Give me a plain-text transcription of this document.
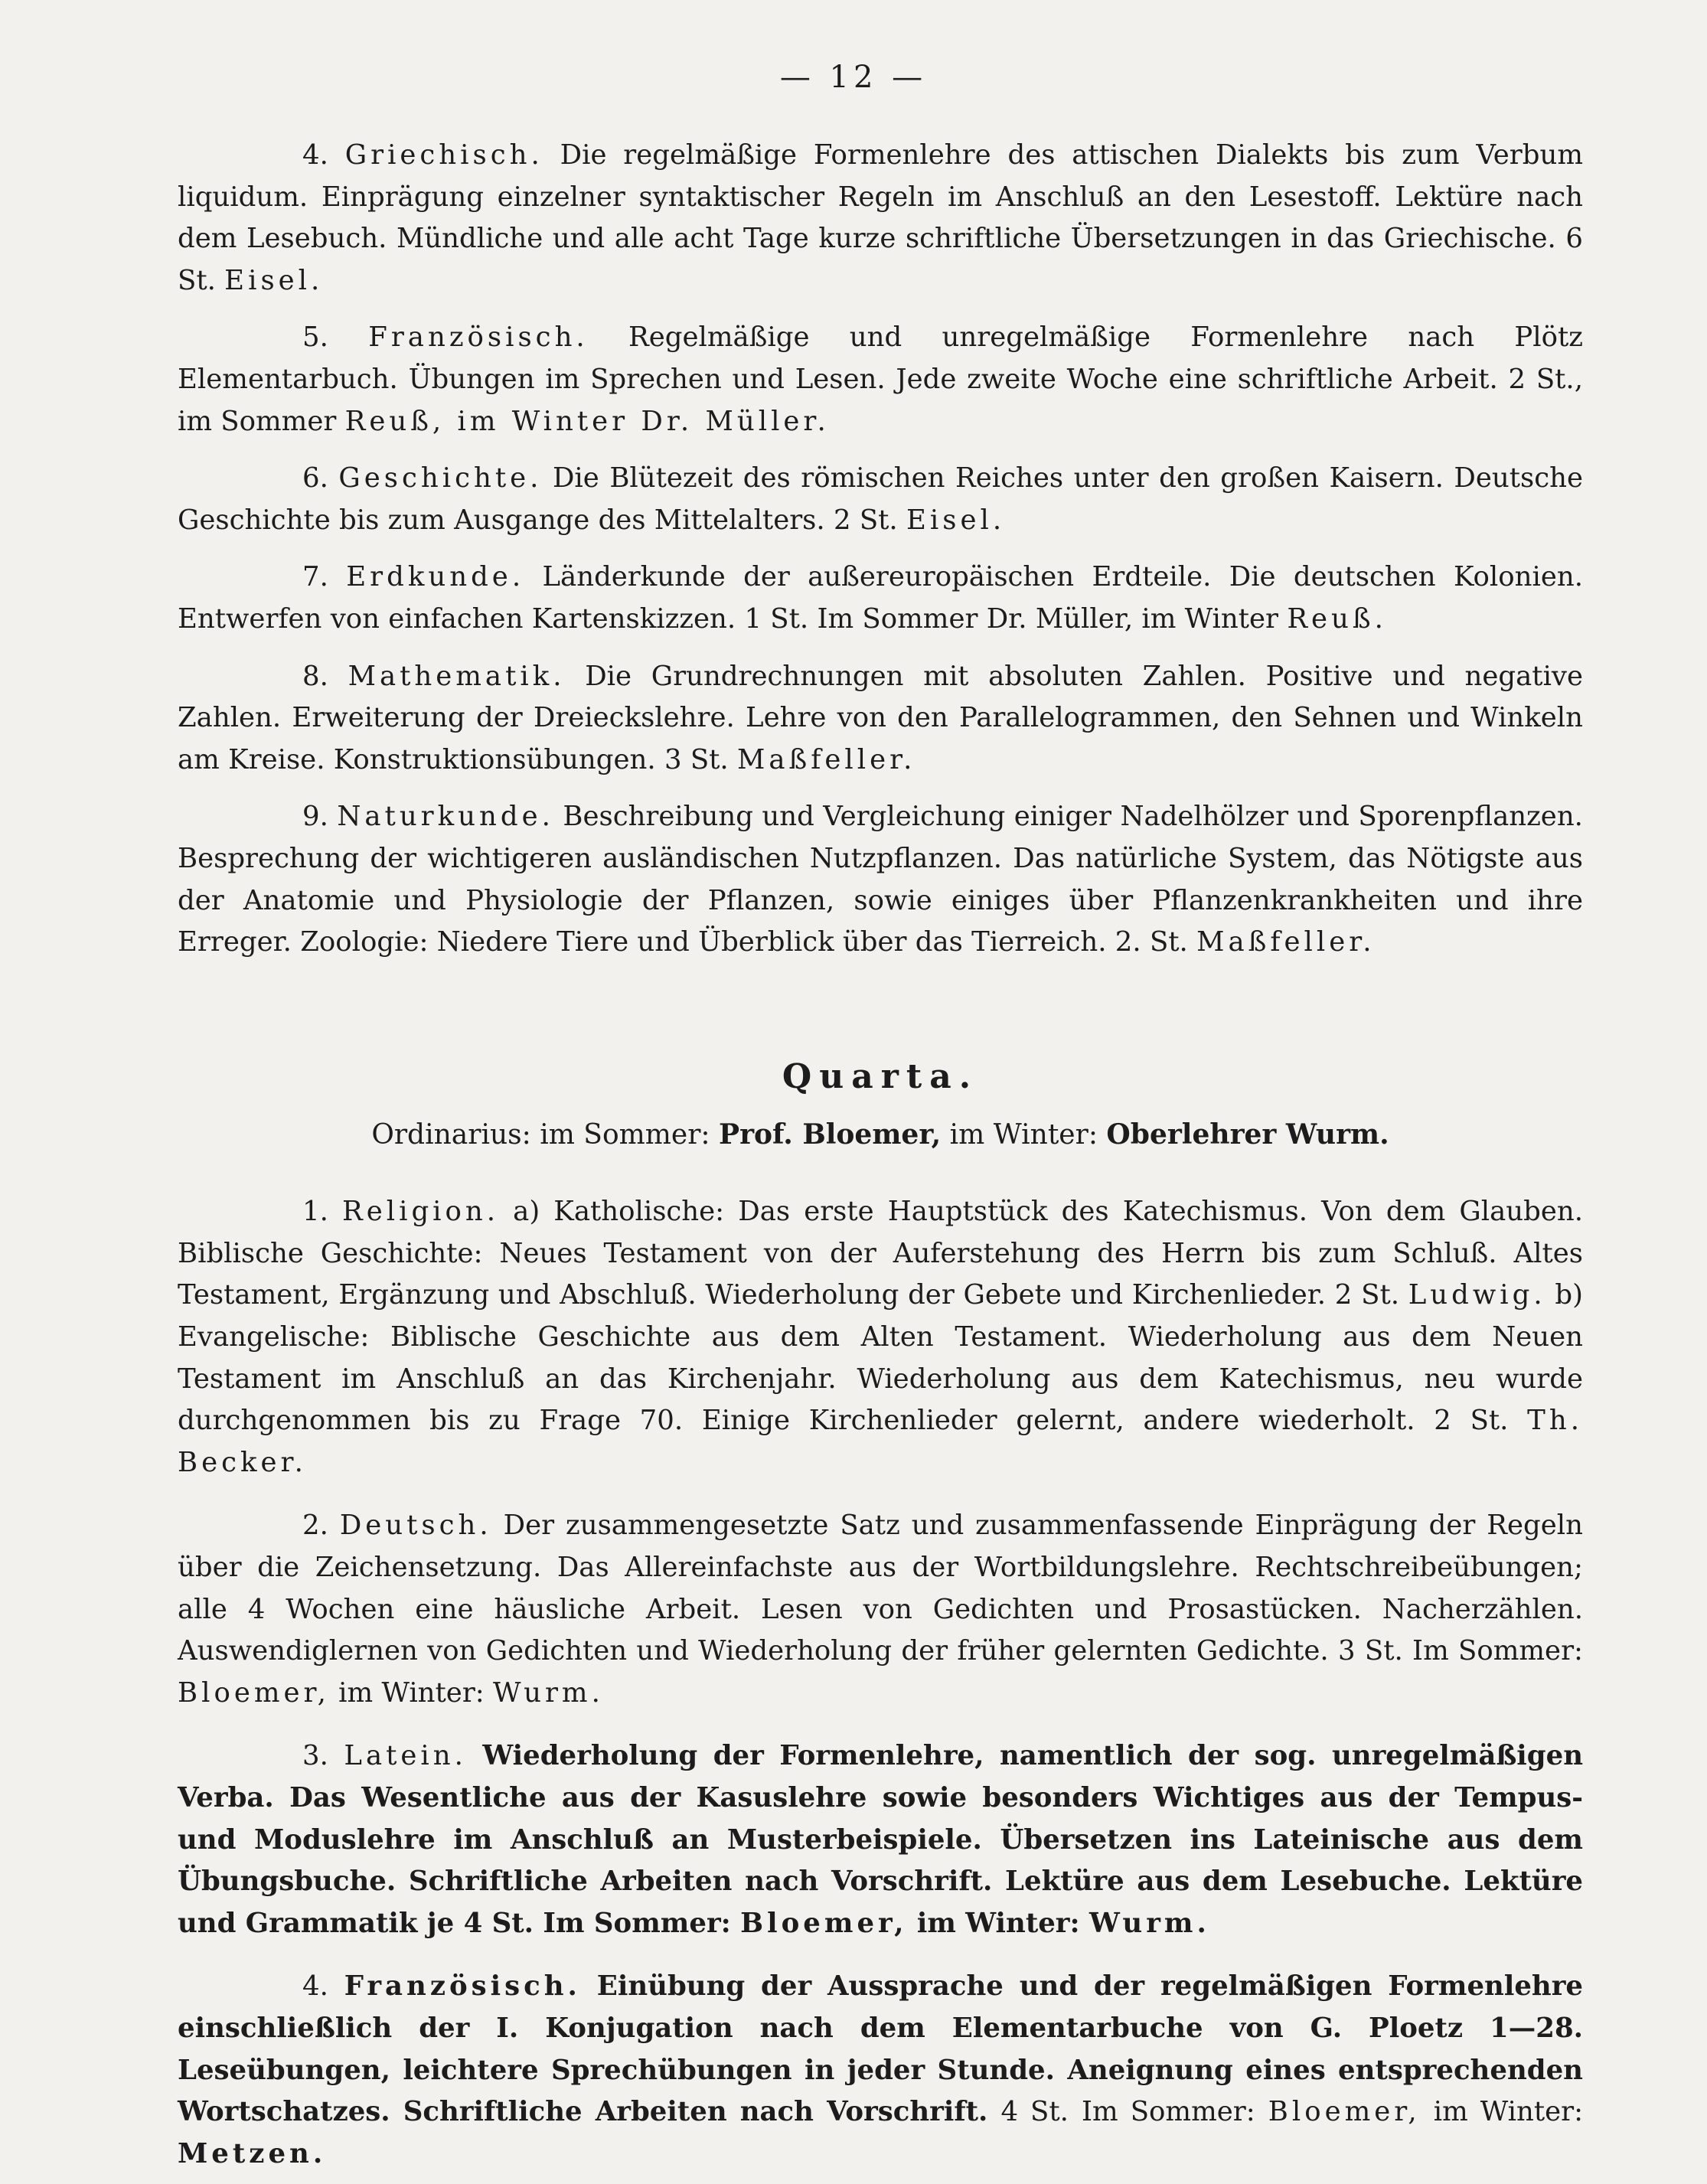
— 12 —

4. Griechisch. Die regelmäßige Formenlehre des attischen Dialekts bis zum Verbum liquidum. Einprägung einzelner syntaktischer Regeln im Anschluß an den Lesestoff. Lektüre nach dem Lesebuch. Mündliche und alle acht Tage kurze schriftliche Übersetzungen in das Griechische. 6 St. Eisel.

5. Französisch. Regelmäßige und unregelmäßige Formenlehre nach Plötz Elementarbuch. Übungen im Sprechen und Lesen. Jede zweite Woche eine schriftliche Arbeit. 2 St., im Sommer Reuß, im Winter Dr. Müller.

6. Geschichte. Die Blütezeit des römischen Reiches unter den großen Kaisern. Deutsche Geschichte bis zum Ausgange des Mittelalters. 2 St. Eisel.

7. Erdkunde. Länderkunde der außereuropäischen Erdteile. Die deutschen Kolonien. Entwerfen von einfachen Kartenskizzen. 1 St. Im Sommer Dr. Müller, im Winter Reuß.

8. Mathematik. Die Grundrechnungen mit absoluten Zahlen. Positive und negative Zahlen. Erweiterung der Dreieckslehre. Lehre von den Parallelogrammen, den Sehnen und Winkeln am Kreise. Konstruktionsübungen. 3 St. Maßfeller.

9. Naturkunde. Beschreibung und Vergleichung einiger Nadelhölzer und Sporenpflanzen. Besprechung der wichtigeren ausländischen Nutzpflanzen. Das natürliche System, das Nötigste aus der Anatomie und Physiologie der Pflanzen, sowie einiges über Pflanzenkrankheiten und ihre Erreger. Zoologie: Niedere Tiere und Überblick über das Tierreich. 2. St. Maßfeller.

Quarta.
Ordinarius: im Sommer: Prof. Bloemer, im Winter: Oberlehrer Wurm.

1. Religion. a) Katholische: Das erste Hauptstück des Katechismus. Von dem Glauben. Biblische Geschichte: Neues Testament von der Auferstehung des Herrn bis zum Schluß. Altes Testament, Ergänzung und Abschluß. Wiederholung der Gebete und Kirchenlieder. 2 St. Ludwig. b) Evangelische: Biblische Geschichte aus dem Alten Testament. Wiederholung aus dem Neuen Testament im Anschluß an das Kirchenjahr. Wiederholung aus dem Katechismus, neu wurde durchgenommen bis zu Frage 70. Einige Kirchenlieder gelernt, andere wiederholt. 2 St. Th. Becker.

2. Deutsch. Der zusammengesetzte Satz und zusammenfassende Einprägung der Regeln über die Zeichensetzung. Das Allereinfachste aus der Wortbildungslehre. Rechtschreibeübungen; alle 4 Wochen eine häusliche Arbeit. Lesen von Gedichten und Prosastücken. Nacherzählen. Auswendiglernen von Gedichten und Wiederholung der früher gelernten Gedichte. 3 St. Im Sommer: Bloemer, im Winter: Wurm.

3. Latein. Wiederholung der Formenlehre, namentlich der sog. unregelmäßigen Verba. Das Wesentliche aus der Kasuslehre sowie besonders Wichtiges aus der Tempus- und Moduslehre im Anschluß an Musterbeispiele. Übersetzen ins Lateinische aus dem Übungsbuche. Schriftliche Arbeiten nach Vorschrift. Lektüre aus dem Lesebuche. Lektüre und Grammatik je 4 St. Im Sommer: Bloemer, im Winter: Wurm.

4. Französisch. Einübung der Aussprache und der regelmäßigen Formenlehre einschließlich der I. Konjugation nach dem Elementarbuche von G. Ploetz 1—28. Leseübungen, leichtere Sprechübungen in jeder Stunde. Aneignung eines entsprechenden Wortschatzes. Schriftliche Arbeiten nach Vorschrift. 4 St. Im Sommer: Bloemer, im Winter: Metzen.
